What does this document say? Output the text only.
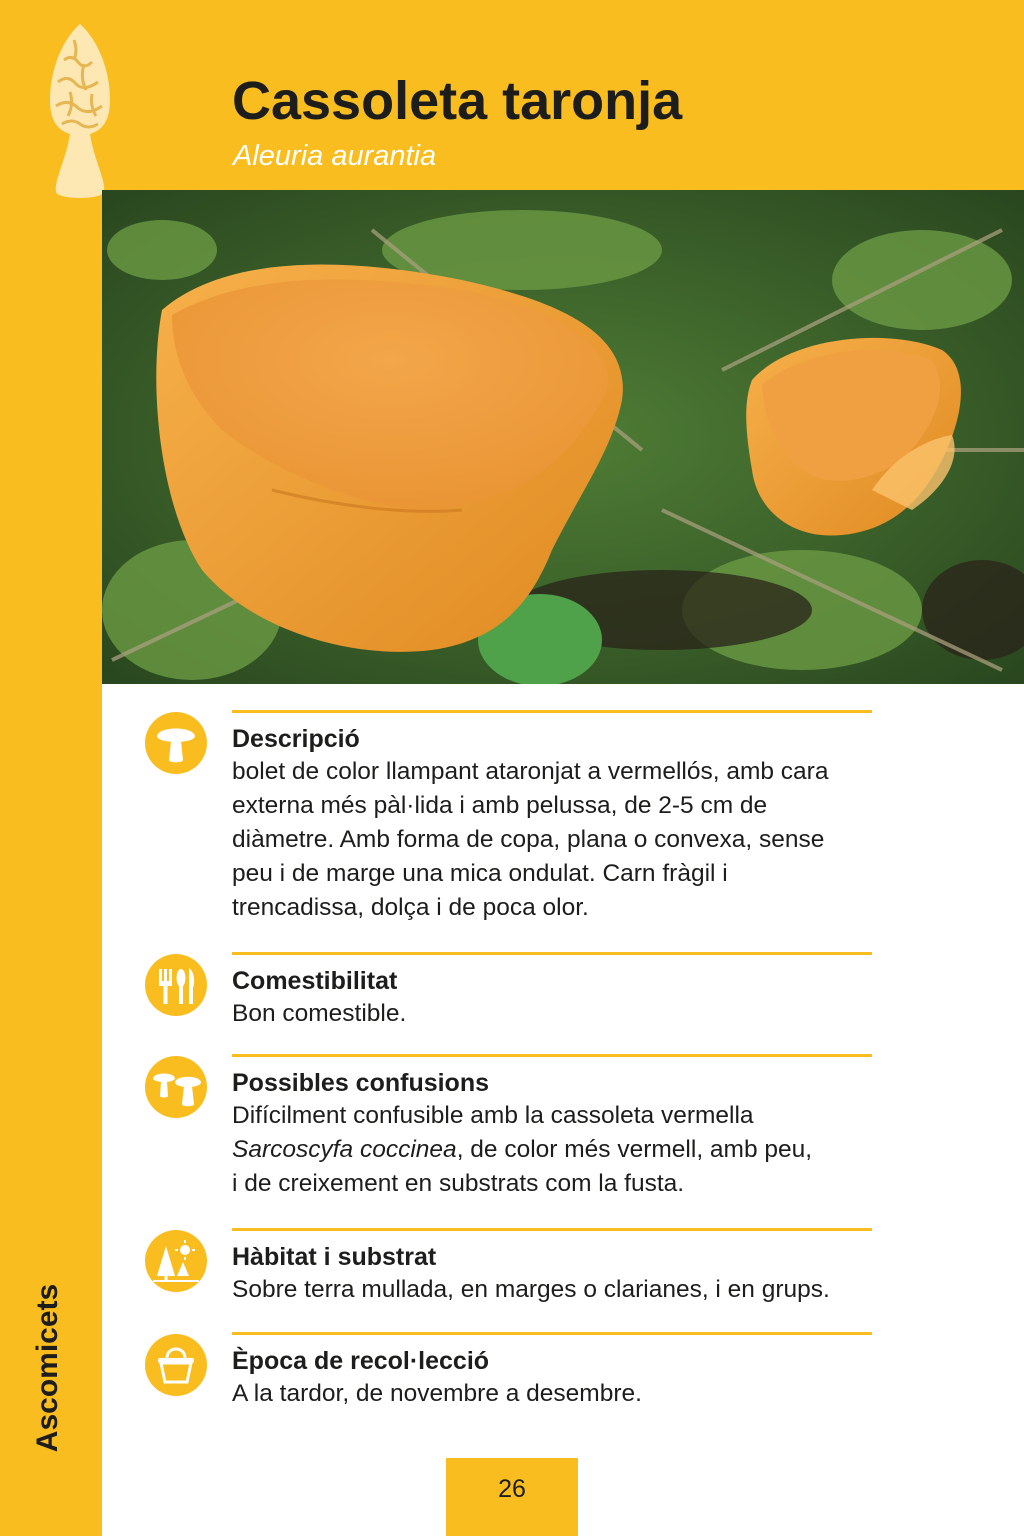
Cassoleta taronja
Aleuria aurantia
Descripció

bolet de color llampant ataronjat a vermellós, amb cara
externa més pàl·lida i amb pelussa, de 2-5 cm de
diàmetre. Amb forma de copa, plana o convexa, sense
peu i de marge una mica ondulat. Carn fràgil i
trencadissa, dolça i de poca olor.

Comestibilitat

Bon comestible.

Possibles confusions

Difícilment confusible amb la cassoleta vermella
Sarcoscyfa coccinea, de color més vermell, amb peu,
i de creixement en substrats com la fusta.

Hàbitat i substrat

Sobre terra mullada, en marges o clarianes, i en grups.

Època de recol·lecció

A la tardor, de novembre a desembre.

Ascomicets
26
